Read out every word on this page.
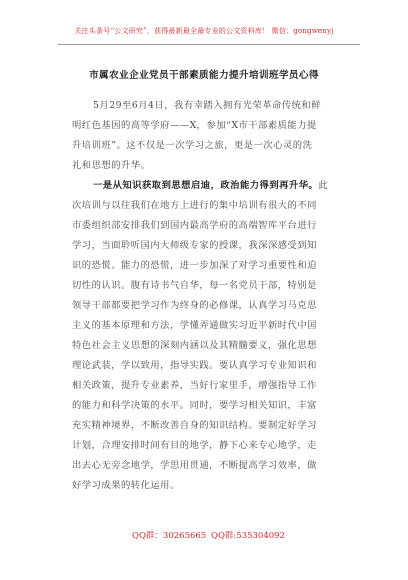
关注头条号“公文研究”，获得最新最全最专业的公文资料库！ 微信：gongwenyj
市属农业企业党员干部素质能力提升培训班学员心得
5月29至6月4日，我有幸踏入拥有光荣革命传统和鲜
明红色基因的高等学府——X，参加“X市干部素质能力提
升培训班”。这不仅是一次学习之旅，更是一次心灵的洗
礼和思想的升华。
一是从知识获取到思想启迪，政治能力得到再升华。此
次培训与以往我们在地方上进行的集中培训有很大的不同
市委组织部安排我们到国内最高学府的高端智库平台进行
学习，当面聆听国内大师级专家的授课，我深深感受到知
识的恐慌、能力的恐慌，进一步加深了对学习重要性和迫
切性的认识。腹有诗书气自华，每一名党员干部，特别是
领导干部都要把学习作为终身的必修课，认真学习马克思
主义的基本原理和方法，学懂弄通做实习近平新时代中国
特色社会主义思想的深刻内涵以及其精髓要义，强化思想
理论武装，学以致用，指导实践。要认真学习专业知识和
相关政策，提升专业素养，当好行家里手，增强指导工作
的能力和科学决策的水平。同时，要学习相关知识，丰富
充实精神境界，不断改善自身的知识结构。要制定好学习
计划，合理安排时间有目的地学，静下心来专心地学，走
出去心无旁念地学，学思用贯通，不断提高学习效率，做
好学习成果的转化运用。
QQ群：30265665 QQ群:535304092
